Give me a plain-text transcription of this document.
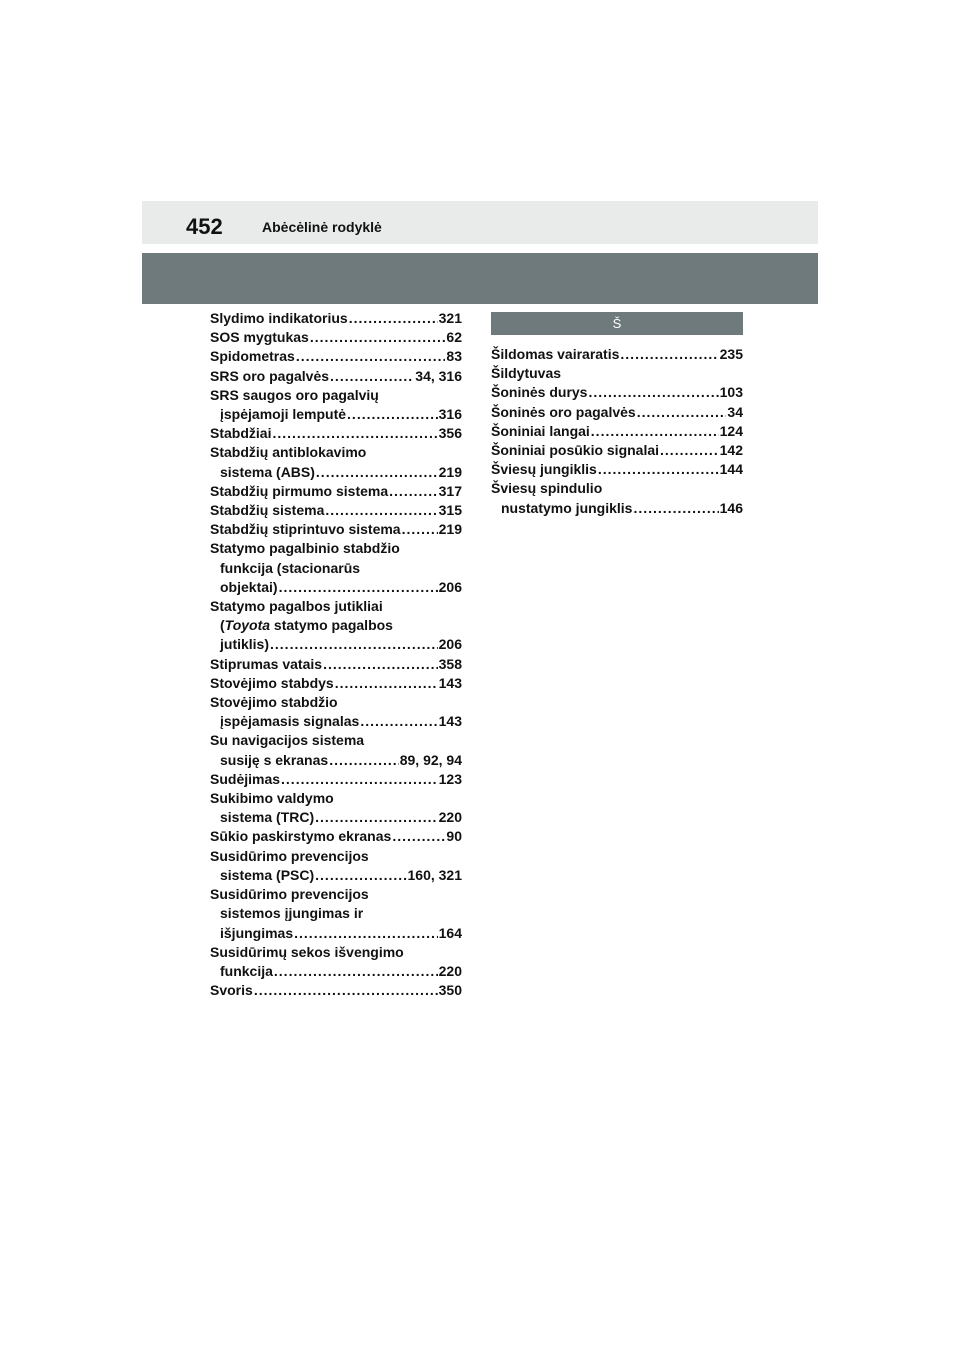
452	Abėcėlinė rodyklė
Slydimo indikatorius .....	321
SOS mygtukas .....	62
Spidometras .....	83
SRS oro pagalvės .....	34, 316
SRS saugos oro pagalvių
įspėjamoji lemputė .....	316
Stabdžiai .....	356
Stabdžių antiblokavimo
sistema (ABS) .....	219
Stabdžių pirmumo sistema .....	317
Stabdžių sistema .....	315
Stabdžių stiprintuvo sistema .....	219
Statymo pagalbinio stabdžio
funkcija (stacionarūs
objektai) .....	206
Statymo pagalbos jutikliai
(Toyota statymo pagalbos
jutiklis) .....	206
Stiprumas vatais .....	358
Stovėjimo stabdys .....	143
Stovėjimo stabdžio
įspėjamasis signalas .....	143
Su navigacijos sistema
susiję s ekranas .....	89, 92, 94
Sudėjimas .....	123
Sukibimo valdymo
sistema (TRC) .....	220
Sūkio paskirstymo ekranas .....	90
Susidūrimo prevencijos
sistema (PSC) .....	160, 321
Susidūrimo prevencijos
sistemos įjungimas ir
išjungimas .....	164
Susidūrimų sekos išvengimo
funkcija .....	220
Svoris .....	350
Š
Šildomas vairaratis .....	235
Šildytuvas
Šoninės durys .....	103
Šoninės oro pagalvės .....	34
Šoniniai langai .....	124
Šoniniai posūkio signalai .....	142
Šviesų jungiklis .....	144
Šviesų spindulio
nustatymo jungiklis .....	146
